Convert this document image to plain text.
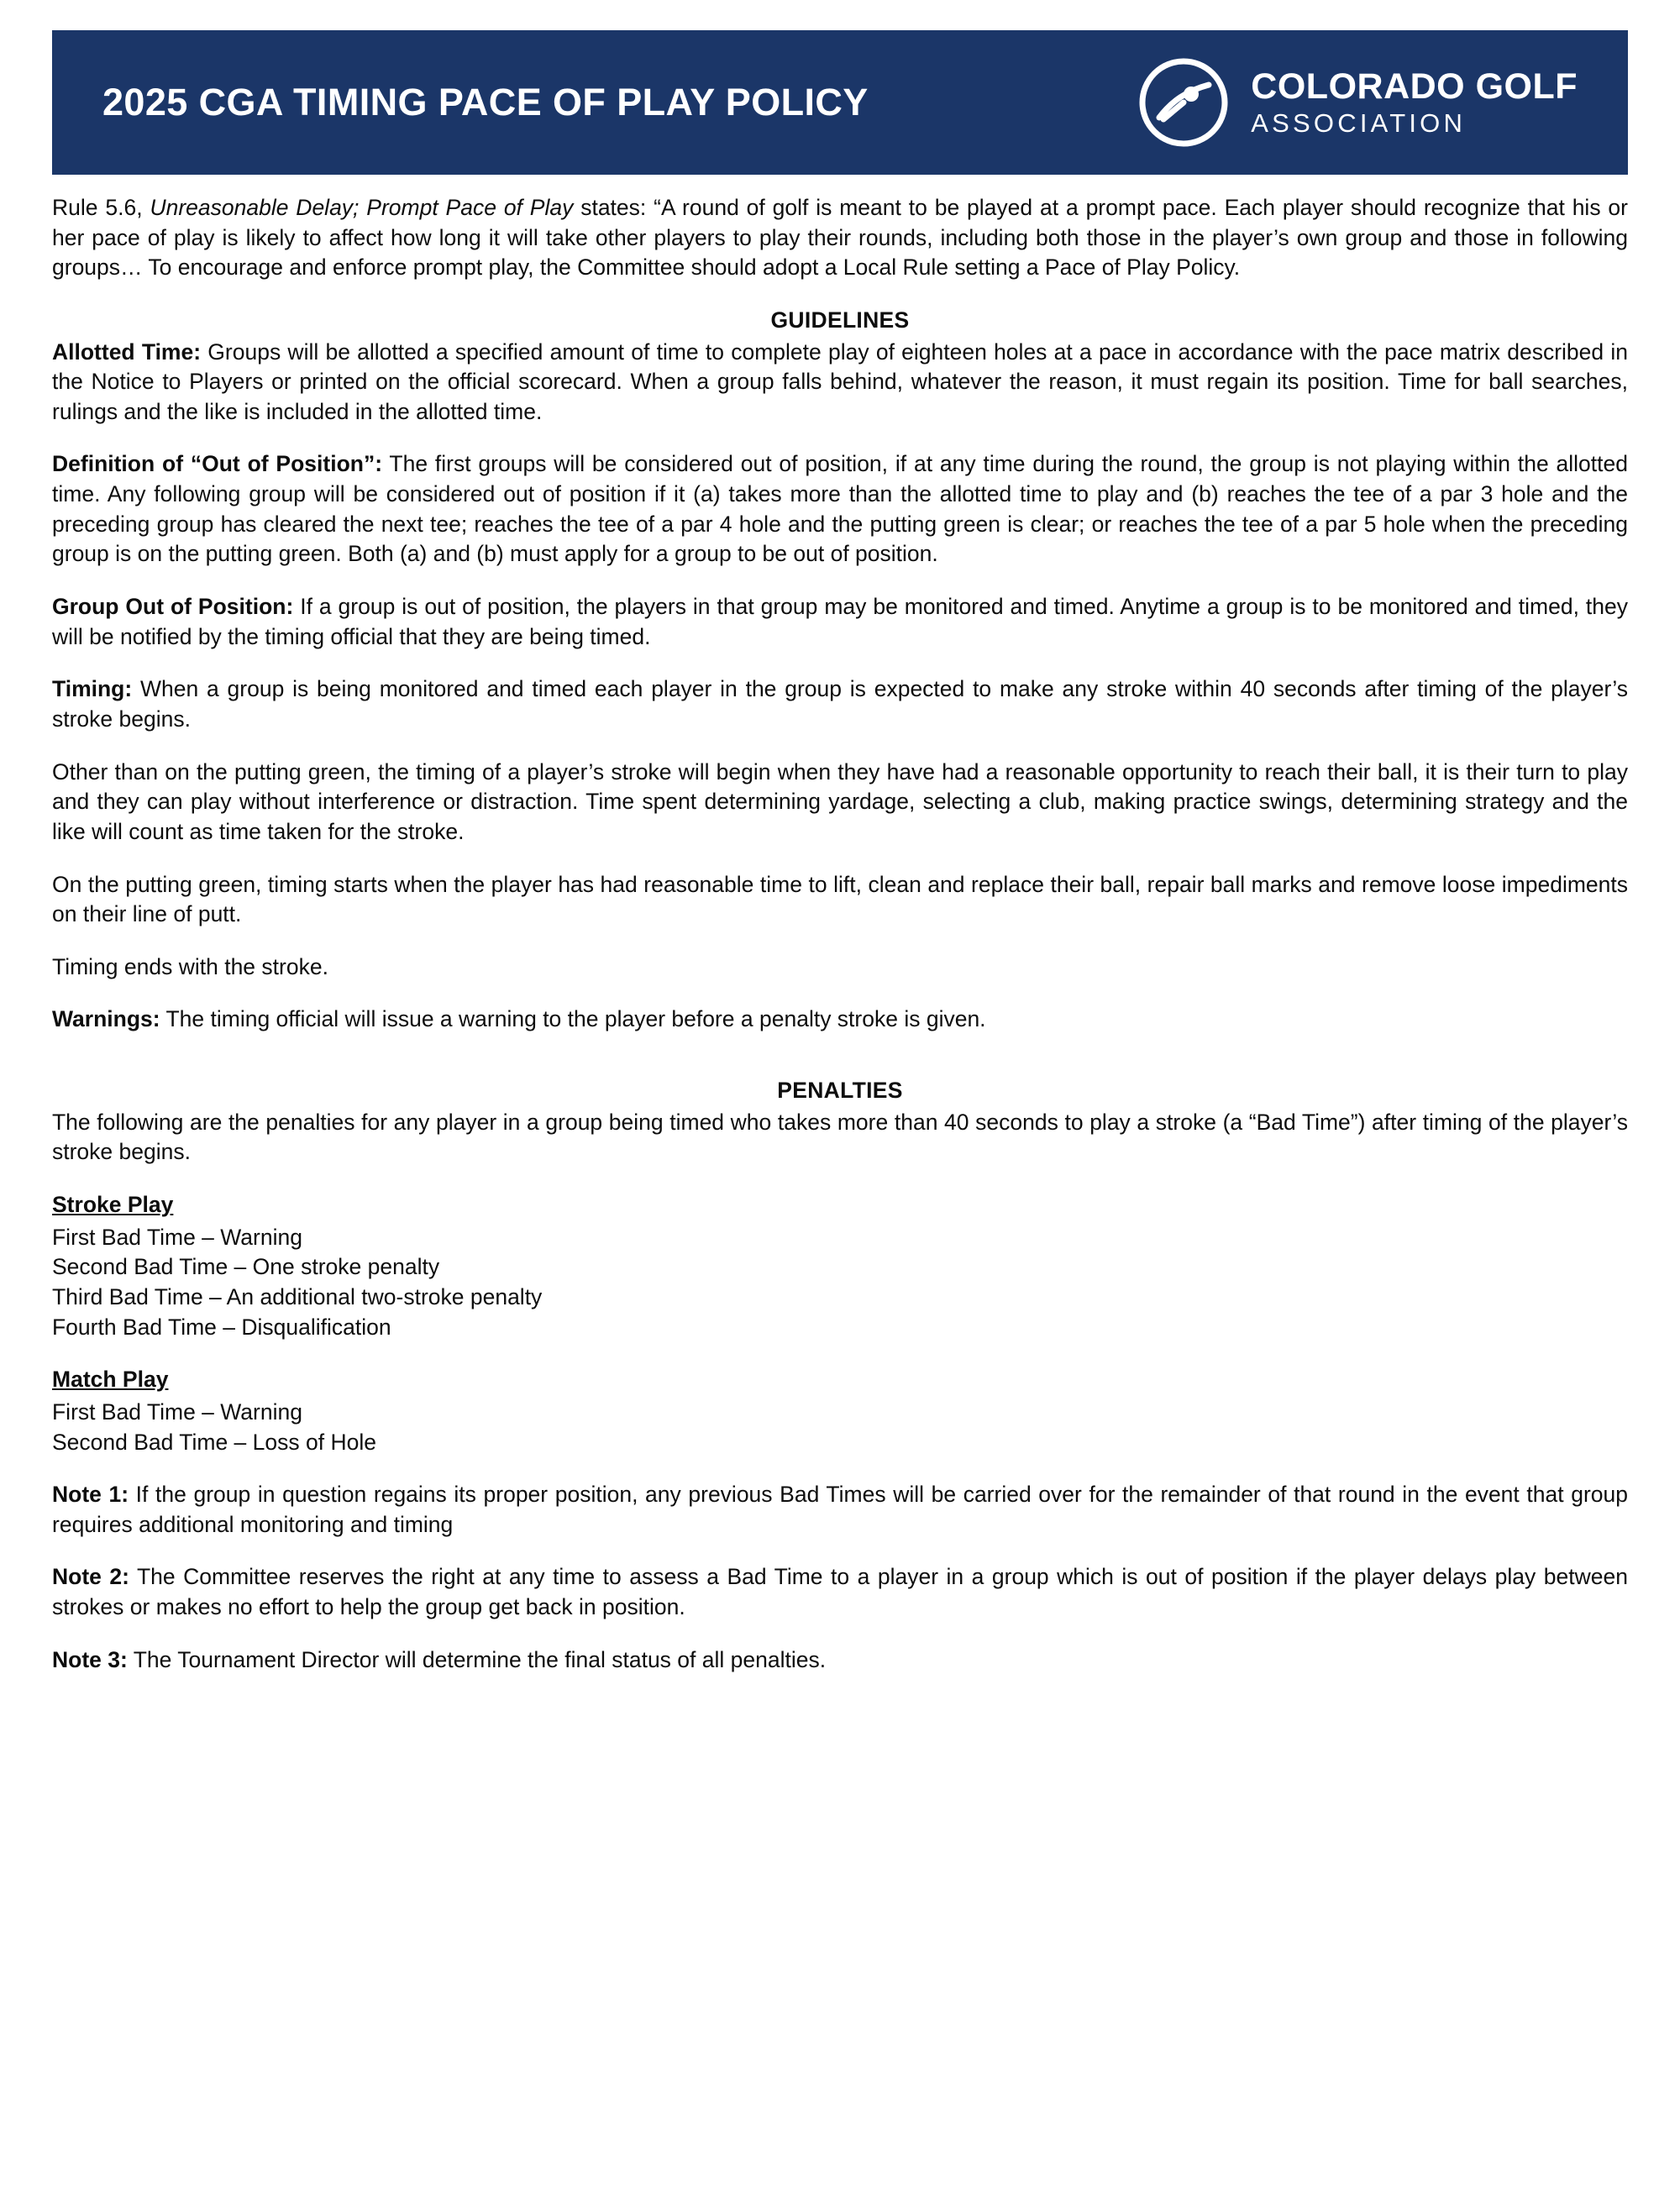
2025 CGA TIMING PACE OF PLAY POLICY	COLORADO GOLF
ASSOCIATION

Rule 5.6, Unreasonable Delay; Prompt Pace of Play states: “A round of golf is meant to be played at a prompt pace. Each player should recognize that his or her pace of play is likely to affect how long it will take other players to play their rounds, including both those in the player’s own group and those in following groups… To encourage and enforce prompt play, the Committee should adopt a Local Rule setting a Pace of Play Policy.

GUIDELINES

Allotted Time: Groups will be allotted a specified amount of time to complete play of eighteen holes at a pace in accordance with the pace matrix described in the Notice to Players or printed on the official scorecard. When a group falls behind, whatever the reason, it must regain its position. Time for ball searches, rulings and the like is included in the allotted time.

Definition of “Out of Position”: The first groups will be considered out of position, if at any time during the round, the group is not playing within the allotted time. Any following group will be considered out of position if it (a) takes more than the allotted time to play and (b) reaches the tee of a par 3 hole and the preceding group has cleared the next tee; reaches the tee of a par 4 hole and the putting green is clear; or reaches the tee of a par 5 hole when the preceding group is on the putting green. Both (a) and (b) must apply for a group to be out of position.

Group Out of Position: If a group is out of position, the players in that group may be monitored and timed. Anytime a group is to be monitored and timed, they will be notified by the timing official that they are being timed.

Timing: When a group is being monitored and timed each player in the group is expected to make any stroke within 40 seconds after timing of the player’s stroke begins.

Other than on the putting green, the timing of a player’s stroke will begin when they have had a reasonable opportunity to reach their ball, it is their turn to play and they can play without interference or distraction. Time spent determining yardage, selecting a club, making practice swings, determining strategy and the like will count as time taken for the stroke.

On the putting green, timing starts when the player has had reasonable time to lift, clean and replace their ball, repair ball marks and remove loose impediments on their line of putt.

Timing ends with the stroke.

Warnings: The timing official will issue a warning to the player before a penalty stroke is given.

PENALTIES

The following are the penalties for any player in a group being timed who takes more than 40 seconds to play a stroke (a “Bad Time”) after timing of the player’s stroke begins.

Stroke Play

First Bad Time – Warning

Second Bad Time – One stroke penalty

Third Bad Time – An additional two-stroke penalty

Fourth Bad Time – Disqualification

Match Play

First Bad Time – Warning

Second Bad Time – Loss of Hole

Note 1: If the group in question regains its proper position, any previous Bad Times will be carried over for the remainder of that round in the event that group requires additional monitoring and timing

Note 2: The Committee reserves the right at any time to assess a Bad Time to a player in a group which is out of position if the player delays play between strokes or makes no effort to help the group get back in position.

Note 3: The Tournament Director will determine the final status of all penalties.
